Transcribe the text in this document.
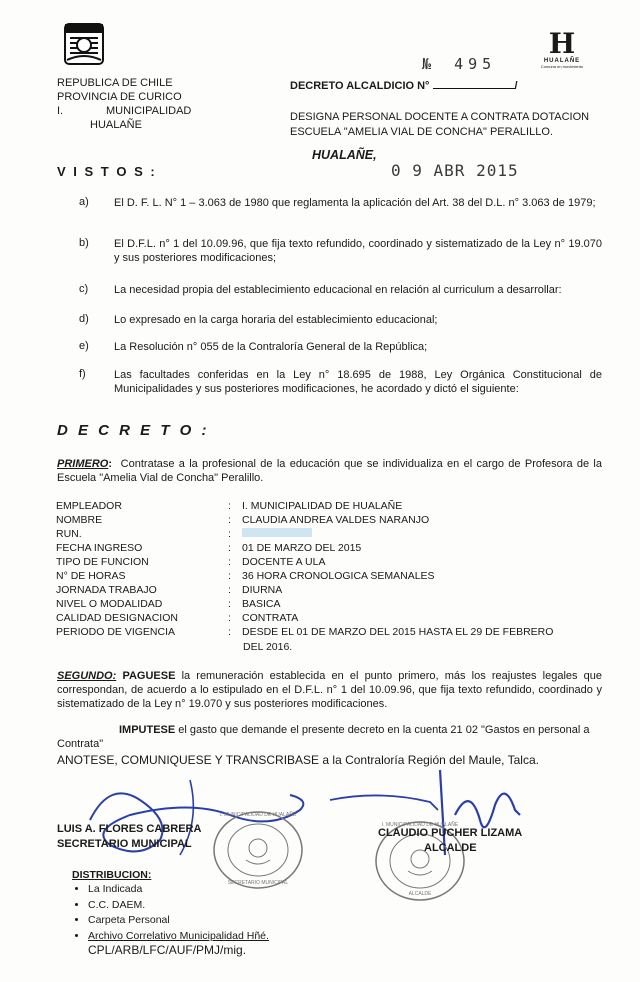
REPUBLICA DE CHILE
PROVINCIA DE CURICO
I.	MUNICIPALIDAD
HUALAÑE
DECRETO ALCALDICIO N°	/
№ 495
H
HUALAÑE
Comuna en movimiento
DESIGNA PERSONAL DOCENTE A CONTRATA DOTACION
ESCUELA "AMELIA VIAL DE CONCHA" PERALILLO.
HUALAÑE,
0 9 ABR 2015
V I S T O S :
a) El D. F. L. N° 1 – 3.063 de 1980 que reglamenta la aplicación del Art. 38 del D.L. n° 3.063 de 1979;
b) El D.F.L. n° 1 del 10.09.96, que fija texto refundido, coordinado y sistematizado de la Ley n° 19.070 y sus posteriores modificaciones;
c) La necesidad propia del establecimiento educacional en relación al curriculum a desarrollar:
d) Lo expresado en la carga horaria del establecimiento educacional;
e) La Resolución n° 055 de la Contraloría General de la República;
f)	Las facultades conferidas en la Ley n° 18.695 de 1988, Ley Orgánica Constitucional de Municipalidades y sus posteriores modificaciones, he acordado y dictó el siguiente:
D E C R E T O :
PRIMERO: Contratase a la profesional de la educación que se individualiza en el cargo de Profesora de la Escuela "Amelia Vial de Concha" Peralillo.
EMPLEADOR	: I. MUNICIPALIDAD DE HUALAÑE
NOMBRE	: CLAUDIA ANDREA VALDES NARANJO
RUN.	:
FECHA INGRESO	: 01 DE MARZO DEL 2015
TIPO DE FUNCION	: DOCENTE A ULA
N° DE HORAS	: 36 HORA CRONOLOGICA SEMANALES
JORNADA TRABAJO	: DIURNA
NIVEL O MODALIDAD	: BASICA
CALIDAD DESIGNACION	: CONTRATA
PERIODO DE VIGENCIA	: DESDE EL 01 DE MARZO DEL 2015 HASTA EL 29 DE FEBRERO
DEL 2016.
SEGUNDO: PAGUESE la remuneración establecida en el punto primero, más los reajustes legales que correspondan, de acuerdo a lo estipulado en el D.F.L. n° 1 del 10.09.96, que fija texto refundido, coordinado y sistematizado de la Ley n° 19.070 y sus posteriores modificaciones.
IMPUTESE el gasto que demande el presente decreto en la cuenta 21 02 "Gastos en personal a Contrata"
ANOTESE, COMUNIQUESE Y TRANSCRIBASE a la Contraloría Región del Maule, Talca.
I. MUNICIPALIDAD DE HUALAÑE
SECRETARIO MUNICIPAL
I. MUNICIPALIDAD DE HUALAÑE
ALCALDE
LUIS A. FLORES CABRERA
SECRETARIO MUNICIPAL
CLAUDIO PUCHER LIZAMA
ALCALDE
DISTRIBUCION:
• La Indicada
• C.C. DAEM.
• Carpeta Personal
• Archivo Correlativo Municipalidad Hñé.
CPL/ARB/LFC/AUF/PMJ/mig.
